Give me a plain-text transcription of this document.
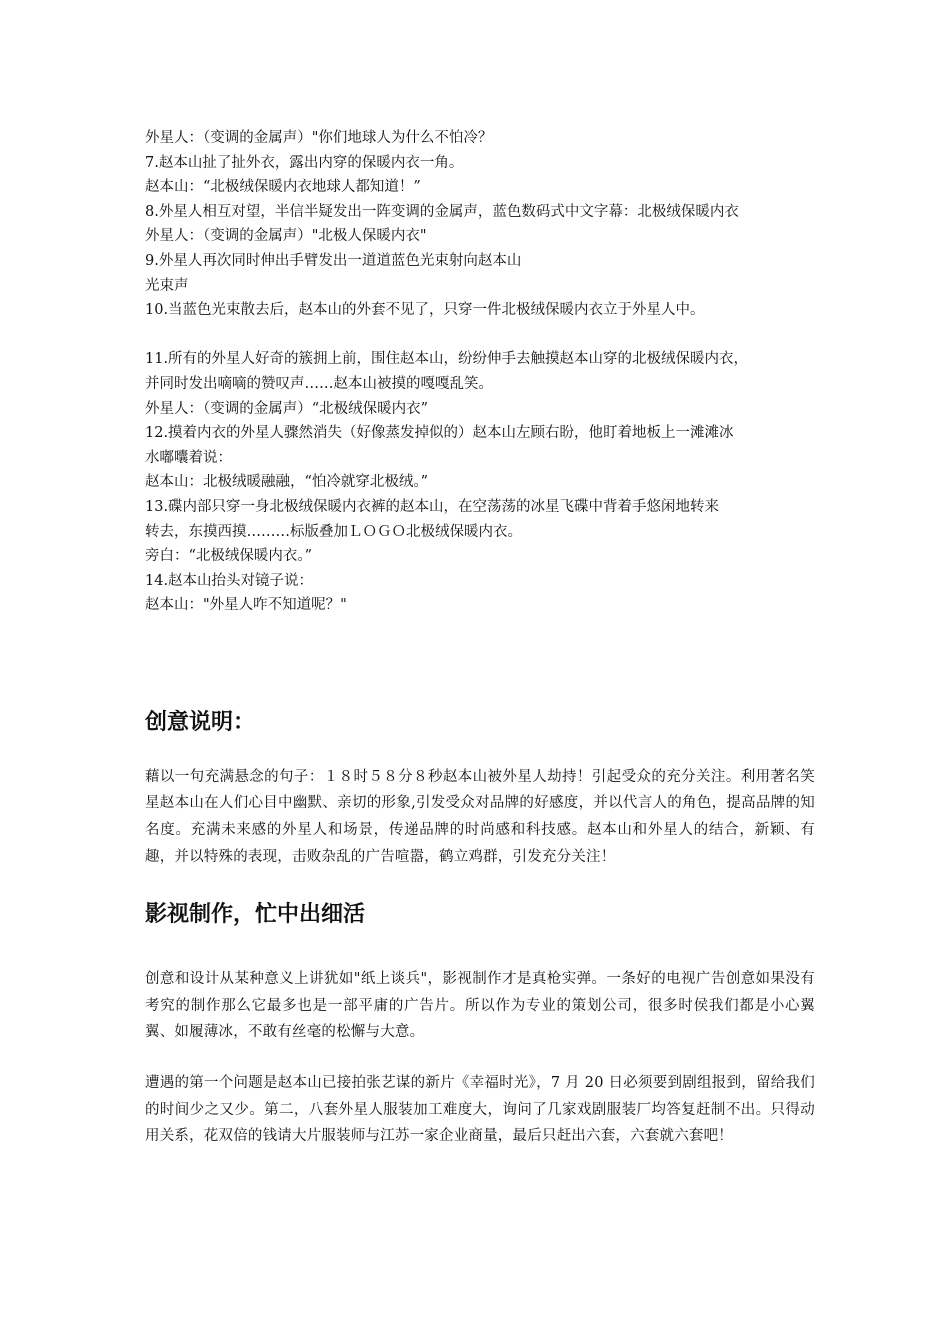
外星人：（变调的金属声）"你们地球人为什么不怕冷？

7.赵本山扯了扯外衣，露出内穿的保暖内衣一角。

赵本山：“北极绒保暖内衣地球人都知道！”

8.外星人相互对望，半信半疑发出一阵变调的金属声，蓝色数码式中文字幕：北极绒保暖内衣

外星人：（变调的金属声）"北极人保暖内衣"

9.外星人再次同时伸出手臂发出一道道蓝色光束射向赵本山

光束声

10.当蓝色光束散去后，赵本山的外套不见了，只穿一件北极绒保暖内衣立于外星人中。

11.所有的外星人好奇的簇拥上前，围住赵本山，纷纷伸手去触摸赵本山穿的北极绒保暖内衣，

并同时发出嘀嘀的赞叹声……赵本山被摸的嘎嘎乱笑。

外星人：（变调的金属声）“北极绒保暖内衣”

12.摸着内衣的外星人骤然消失（好像蒸发掉似的）赵本山左顾右盼，他盯着地板上一滩滩冰

水嘟囔着说：

赵本山：北极绒暖融融，“怕冷就穿北极绒。”

13.碟内部只穿一身北极绒保暖内衣裤的赵本山，在空荡荡的冰星飞碟中背着手悠闲地转来

转去，东摸西摸………标版叠加ＬＯＧＯ北极绒保暖内衣。

旁白：“北极绒保暖内衣。”

14.赵本山抬头对镜子说：

赵本山："外星人咋不知道呢？"

创意说明：

藉以一句充满悬念的句子：１８时５８分８秒赵本山被外星人劫持！引起受众的充分关注。利用著名笑星赵本山在人们心目中幽默、亲切的形象,引发受众对品牌的好感度，并以代言人的角色，提高品牌的知名度。充满未来感的外星人和场景，传递品牌的时尚感和科技感。赵本山和外星人的结合，新颖、有趣，并以特殊的表现，击败杂乱的广告喧嚣，鹤立鸡群，引发充分关注！

影视制作，忙中出细活

创意和设计从某种意义上讲犹如"纸上谈兵"，影视制作才是真枪实弹。一条好的电视广告创意如果没有考究的制作那么它最多也是一部平庸的广告片。所以作为专业的策划公司，很多时侯我们都是小心翼翼、如履薄冰，不敢有丝毫的松懈与大意。

遭遇的第一个问题是赵本山已接拍张艺谋的新片《幸福时光》，7 月 20 日必须要到剧组报到，留给我们的时间少之又少。第二，八套外星人服装加工难度大，询问了几家戏剧服装厂均答复赶制不出。只得动用关系，花双倍的钱请大片服装师与江苏一家企业商量，最后只赶出六套，六套就六套吧！
